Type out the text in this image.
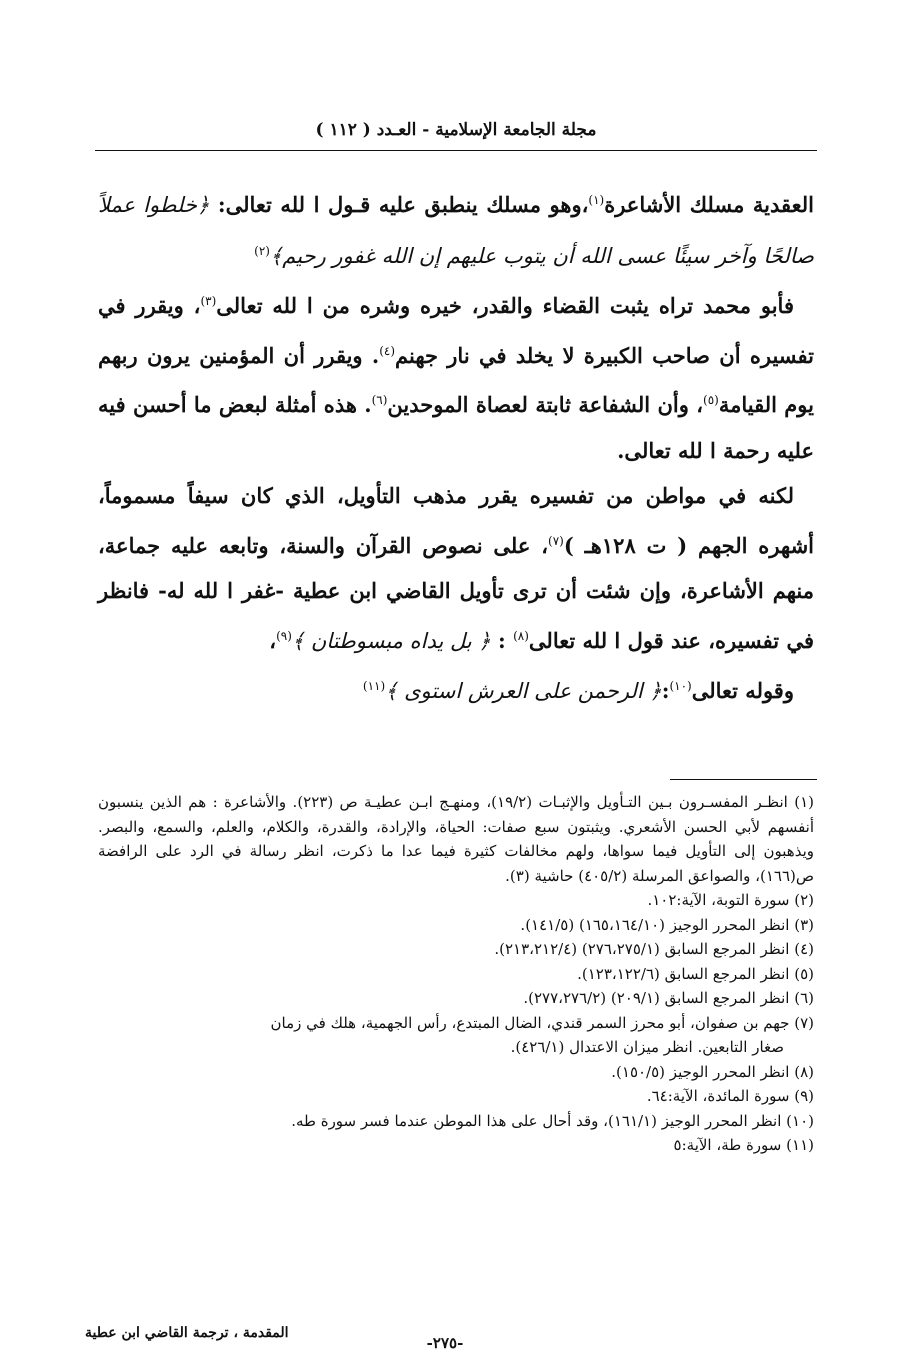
مجلة الجامعة الإسلامية - العـدد ( ١١٢ )

العقدية مسلك الأشاعرة$^{(١)}$،وهو مسلك ينطبق عليه قـول ا لله تعالى: ﴿خلطوا عملاً صالحًا وآخر سيئًا عسى الله أن يتوب عليهم إن الله غفور رحيم﴾$^{(٢)}$

فأبو محمد تراه يثبت القضاء والقدر، خيره وشره من ا لله تعالى$^{(٣)}$، ويقرر في تفسيره أن صاحب الكبيرة لا يخلد في نار جهنم$^{(٤)}$. ويقرر أن المؤمنين يرون ربهم يوم القيامة$^{(٥)}$، وأن الشفاعة ثابتة لعصاة الموحدين$^{(٦)}$. هذه أمثلة لبعض ما أحسن فيه عليه رحمة ا لله تعالى.

لكنه في مواطن من تفسيره يقرر مذهب التأويل، الذي كان سيفاً مسموماً، أشهره الجهم ( ت ١٢٨هـ )$^{(٧)}$، على نصوص القرآن والسنة، وتابعه عليه جماعة، منهم الأشاعرة، وإن شئت أن ترى تأويل القاضي ابن عطية -غفر ا لله له- فانظر في تفسيره، عند قول ا لله تعالى$^{(٨)}$ : ﴿ بل يداه مبسوطتان ﴾$^{(٩)}$،

وقوله تعالى$^{(١٠)}$:﴿ الرحمن على العرش استوى ﴾$^{(١١)}$

(١) انظـر المفسـرون بـين التـأويل والإثبـات (١٩/٢)، ومنهـج ابـن عطيـة ص (٢٢٣). والأشاعرة : هم الذين ينسبون أنفسهم لأبي الحسن الأشعري. ويثبتون سبع صفات: الحياة، والإرادة، والقدرة، والكلام، والعلم، والسمع، والبصر. ويذهبون إلى التأويل فيما سواها، ولهم مخالفات كثيرة فيما عدا ما ذكرت، انظر رسالة في الرد على الرافضة ص(١٦٦)، والصواعق المرسلة (٤٠٥/٢) حاشية (٣).

(٢) سورة التوبة، الآية:١٠٢.

(٣) انظر المحرر الوجيز (١٦٥،١٦٤/١٠) (١٤١/٥).

(٤) انظر المرجع السابق (٢٧٦،٢٧٥/١) (٢١٣،٢١٢/٤).

(٥) انظر المرجع السابق (١٢٣،١٢٢/٦).

(٦) انظر المرجع السابق (٢٠٩/١) (٢٧٧،٢٧٦/٢).

(٧) جهم بن صفوان، أبو محرز السمر قندي، الضال المبتدع، رأس الجهمية، هلك في زمان
صغار التابعين. انظر ميزان الاعتدال (٤٢٦/١).

(٨) انظر المحرر الوجيز (١٥٠/٥).

(٩) سورة المائدة، الآية:٦٤.

(١٠) انظر المحرر الوجيز (١٦١/١)، وقد أحال على هذا الموطن عندما فسر سورة طه.

(١١) سورة طة، الآية:٥

المقدمة ، ترجمة القاضي ابن عطية
-٢٧٥-
